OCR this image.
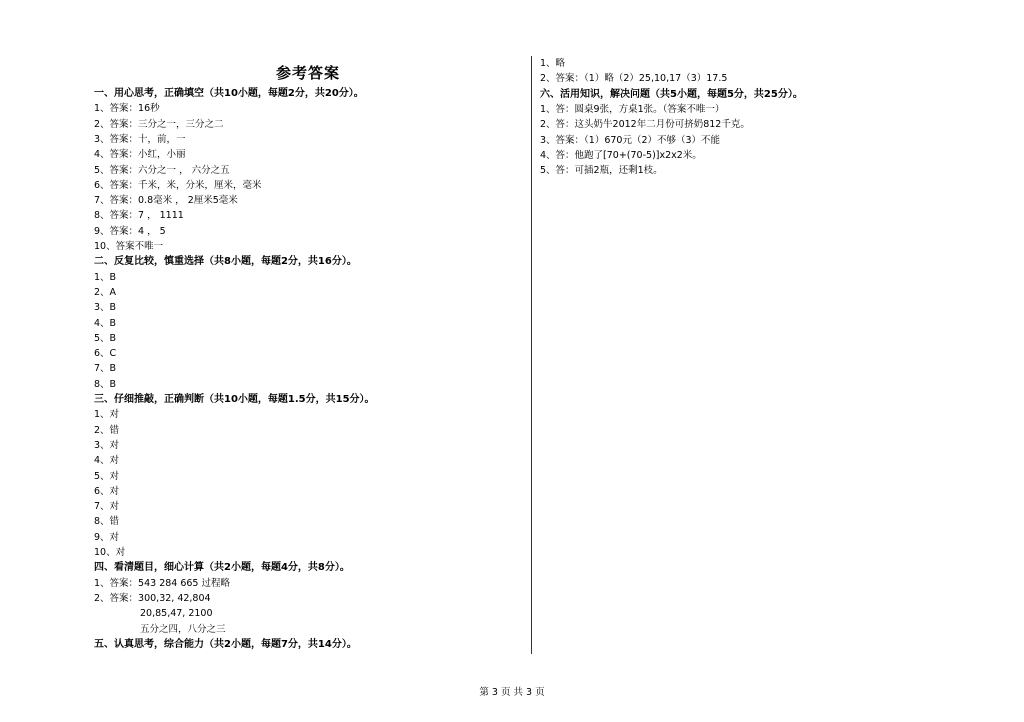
参考答案
一、用心思考，正确填空（共10小题，每题2分，共20分）。
1、答案：16秒
2、答案：三分之一，三分之二
3、答案：十，前，一
4、答案：小红，小丽
5、答案：六分之一 ， 六分之五
6、答案：千米，米，分米，厘米，毫米
7、答案：0.8毫米 ， 2厘米5毫米
8、答案：7 ， 1111
9、答案：4 ， 5
10、答案不唯一
二、反复比较，慎重选择（共8小题，每题2分，共16分）。
1、B
2、A
3、B
4、B
5、B
6、C
7、B
8、B
三、仔细推敲，正确判断（共10小题，每题1.5分，共15分）。
1、对
2、错
3、对
4、对
5、对
6、对
7、对
8、错
9、对
10、对
四、看清题目，细心计算（共2小题，每题4分，共8分）。
1、答案：543 284 665 过程略
2、答案：300,32, 42,804
20,85,47, 2100
五分之四，八分之三
五、认真思考，综合能力（共2小题，每题7分，共14分）。
1、略
2、答案：（1）略（2）25,10,17（3）17.5
六、活用知识，解决问题（共5小题，每题5分，共25分）。
1、答：圆桌9张，方桌1张。（答案不唯一）
2、答：这头奶牛2012年二月份可挤奶812千克。
3、答案：（1）670元（2）不够（3）不能
4、答：他跑了[70+(70-5)]x2x2米。
5、答：可插2瓶，还剩1枝。
第 3 页 共 3 页
